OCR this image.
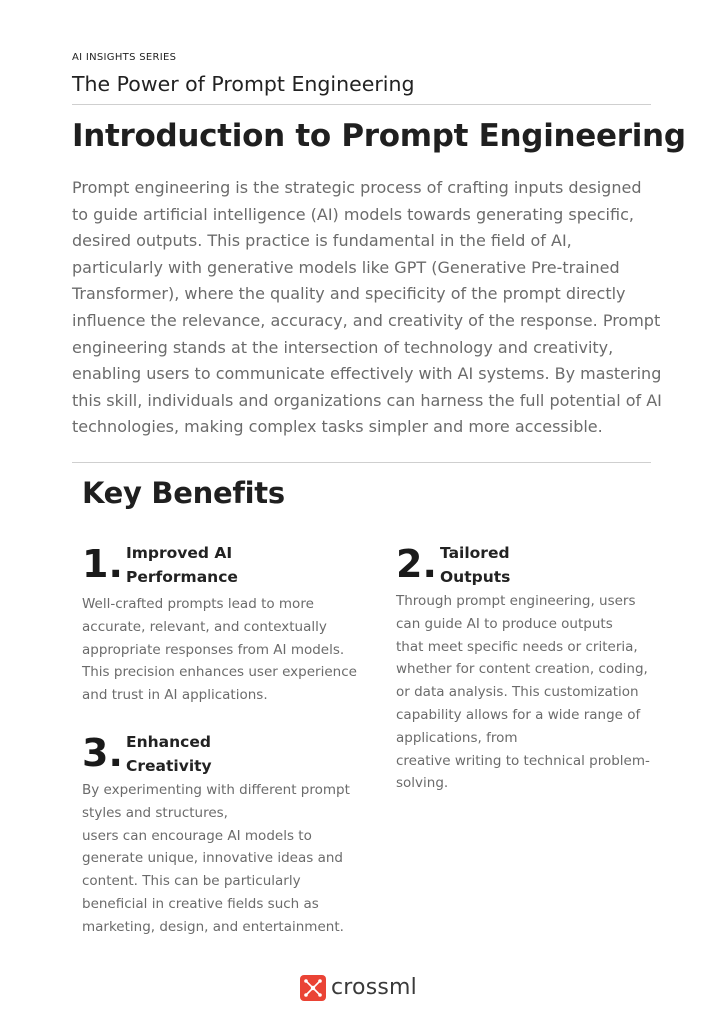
AI INSIGHTS SERIES
The Power of Prompt Engineering
Introduction to Prompt Engineering

Prompt engineering is the strategic process of crafting inputs designed to guide artificial intelligence (AI) models towards generating specific, desired outputs. This practice is fundamental in the field of AI, particularly with generative models like GPT (Generative Pre-trained Transformer), where the quality and specificity of the prompt directly influence the relevance, accuracy, and creativity of the response. Prompt engineering stands at the intersection of technology and creativity, enabling users to communicate effectively with AI systems. By mastering this skill, individuals and organizations can harness the full potential of AI technologies, making complex tasks simpler and more accessible.

Key Benefits
1. Improved AI
Performance
Well-crafted prompts lead to more
accurate, relevant, and contextually
appropriate responses from AI models.
This precision enhances user experience
and trust in AI applications.
2. Tailored
Outputs
Through prompt engineering, users
can guide AI to produce outputs
that meet specific needs or criteria,
whether for content creation, coding,
or data analysis. This customization
capability allows for a wide range of
applications, from
creative writing to technical problem-
solving.
3. Enhanced
Creativity
By experimenting with different prompt
styles and structures,
users can encourage AI models to
generate unique, innovative ideas and
content. This can be particularly
beneficial in creative fields such as
marketing, design, and entertainment.
crossml
